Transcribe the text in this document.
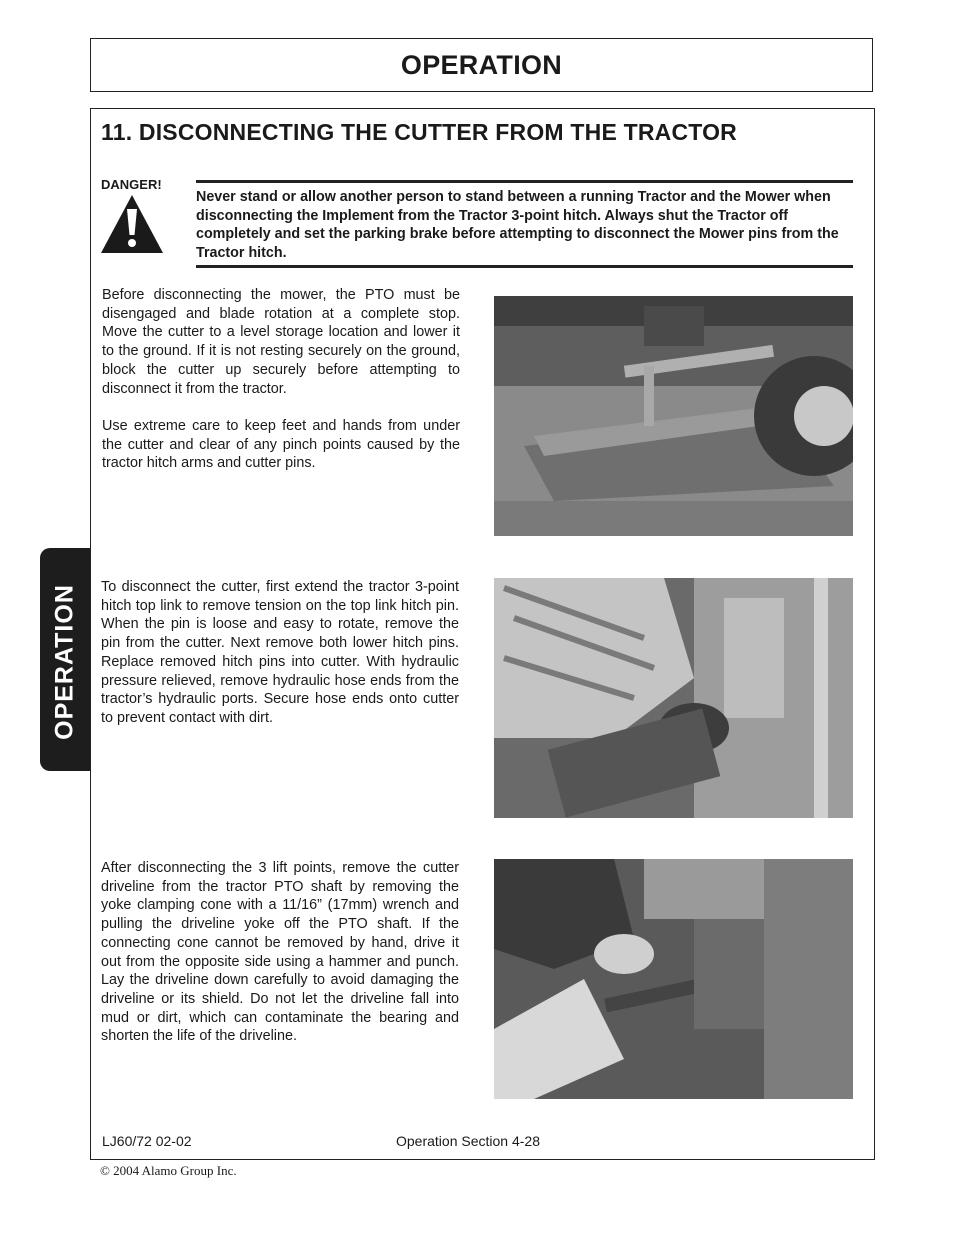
OPERATION
11. DISCONNECTING THE CUTTER FROM THE TRACTOR
DANGER!
Never stand or allow another person to stand between a running Tractor and the Mower when disconnecting the Implement from the Tractor 3-point hitch. Always shut the Tractor off completely and set the parking brake before attempting to disconnect the Mower pins from the Tractor hitch.

Before disconnecting the mower, the PTO must be disengaged and blade rotation at a complete stop. Move the cutter to a level storage location and lower it to the ground. If it is not resting securely on the ground, block the cutter up securely before attempting to disconnect it from the tractor.

Use extreme care to keep feet and hands from under the cutter and clear of any pinch points caused by the tractor hitch arms and cutter pins.

To disconnect the cutter, first extend the tractor 3-point hitch top link to remove tension on the top link hitch pin. When the pin is loose and easy to rotate, remove the pin from the cutter. Next remove both lower hitch pins. Replace removed hitch pins into cutter. With hydraulic pressure relieved, remove hydraulic hose ends from the tractor’s hydraulic ports. Secure hose ends onto cutter to prevent contact with dirt.

After disconnecting the 3 lift points, remove the cutter driveline from the tractor PTO shaft by removing the yoke clamping cone with a 11/16” (17mm) wrench and pulling the driveline yoke off the PTO shaft. If the connecting cone cannot be removed by hand, drive it out from the opposite side using a hammer and punch. Lay the driveline down carefully to avoid damaging the driveline or its shield. Do not let the driveline fall into mud or dirt, which can contaminate the bearing and shorten the life of the driveline.

OPERATION
LJ60/72 02-02	Operation Section 4-28
© 2004 Alamo Group Inc.
